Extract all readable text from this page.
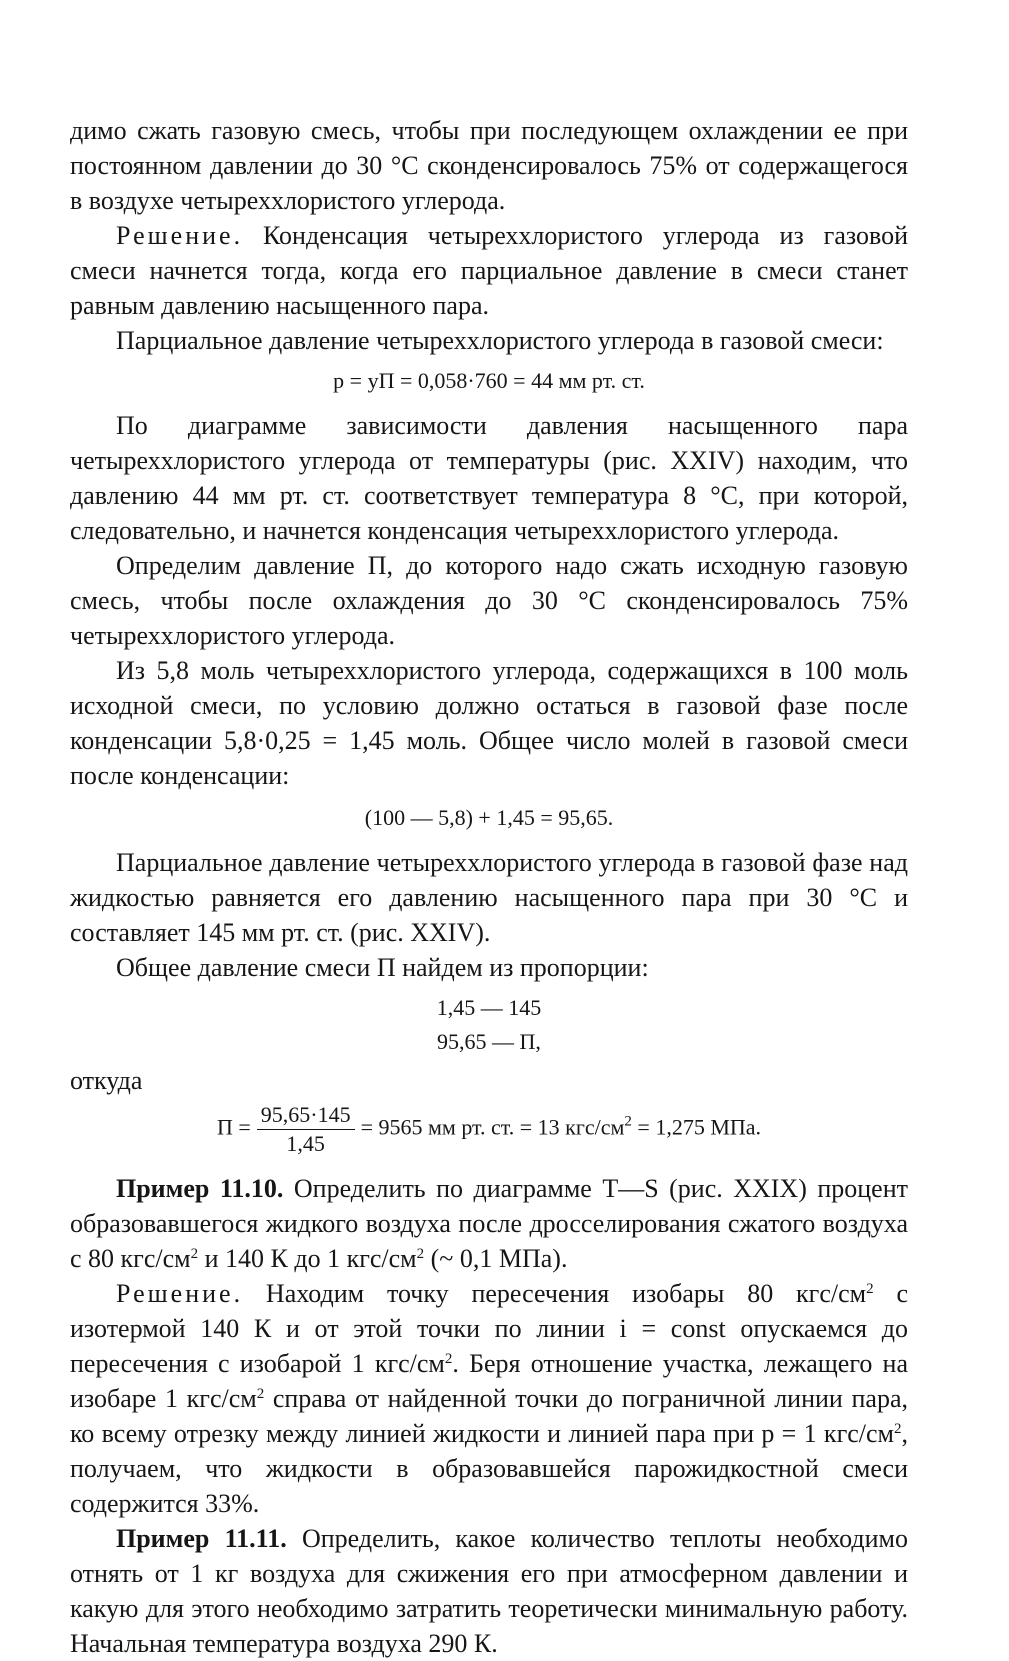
димо сжать газовую смесь, чтобы при последующем охлаждении ее при постоянном давлении до 30 °С сконденсировалось 75% от содержащегося в воздухе четыреххлористого углерода.

Решение. Конденсация четыреххлористого углерода из газовой смеси начнется тогда, когда его парциальное давление в смеси станет равным давлению насыщенного пара.

Парциальное давление четыреххлористого углерода в газовой смеси:

p = yП = 0,058·760 = 44 мм рт. ст.

По диаграмме зависимости давления насыщенного пара четыреххлористого углерода от температуры (рис. XXIV) находим, что давлению 44 мм рт. ст. соответствует температура 8 °С, при которой, следовательно, и начнется конденсация четыреххлористого углерода.

Определим давление П, до которого надо сжать исходную газовую смесь, чтобы после охлаждения до 30 °С сконденсировалось 75% четыреххлористого углерода.

Из 5,8 моль четыреххлористого углерода, содержащихся в 100 моль исходной смеси, по условию должно остаться в газовой фазе после конденсации 5,8·0,25 = 1,45 моль. Общее число молей в газовой смеси после конденсации:

(100 — 5,8) + 1,45 = 95,65.

Парциальное давление четыреххлористого углерода в газовой фазе над жидкостью равняется его давлению насыщенного пара при 30 °С и составляет 145 мм рт. ст. (рис. XXIV).

Общее давление смеси П найдем из пропорции:

1,45 — 145
95,65 — П,

откуда

$П = \frac{95,65\cdot 145}{1,45} = 9565$ мм рт. ст. = 13 кгс/$см^2 = 1,275$ МПа.

Пример 11.10. Определить по диаграмме T—S (рис. XXIX) процент образовавшегося жидкого воздуха после дросселирования сжатого воздуха с 80 кгс/$см^2$ и 140 К до 1 кгс/$см^2$ (~ 0,1 МПа).

Решение. Находим точку пересечения изобары 80 кгс/$см^2$ с изотермой 140 К и от этой точки по линии i = const опускаемся до пересечения с изобарой 1 кгс/$см^2$. Беря отношение участка, лежащего на изобаре 1 кгс/$см^2$ справа от найденной точки до пограничной линии пара, ко всему отрезку между линией жидкости и линией пара при p = 1 кгс/$см^2$, получаем, что жидкости в образовавшейся парожидкостной смеси содержится 33%.

Пример 11.11. Определить, какое количество теплоты необходимо отнять от 1 кг воздуха для сжижения его при атмосферном давлении и какую для этого необходимо затратить теоретически минимальную работу. Начальная температура воздуха 290 К.
